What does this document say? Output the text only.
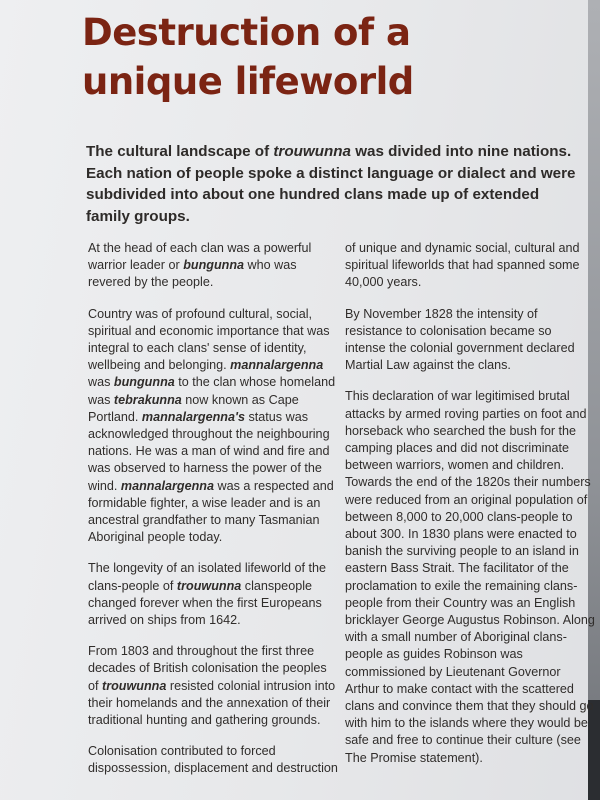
Destruction of a
unique lifeworld

The cultural landscape of trouwunna was divided into nine nations. Each nation of people spoke a distinct language or dialect and were subdivided into about one hundred clans made up of extended family groups.

At the head of each clan was a powerful warrior leader or bungunna who was revered by the people.

Country was of profound cultural, social, spiritual and economic importance that was integral to each clans' sense of identity, wellbeing and belonging. mannalargenna was bungunna to the clan whose homeland was tebrakunna now known as Cape Portland. mannalargenna's status was acknowledged throughout the neighbouring nations. He was a man of wind and fire and was observed to harness the power of the wind. mannalargenna was a respected and formidable fighter, a wise leader and is an ancestral grandfather to many Tasmanian Aboriginal people today.

The longevity of an isolated lifeworld of the clans-people of trouwunna clanspeople changed forever when the first Europeans arrived on ships from 1642.

From 1803 and throughout the first three decades of British colonisation the peoples of trouwunna resisted colonial intrusion into their homelands and the annexation of their traditional hunting and gathering grounds.

Colonisation contributed to forced dispossession, displacement and destruction

of unique and dynamic social, cultural and spiritual lifeworlds that had spanned some 40,000 years.

By November 1828 the intensity of resistance to colonisation became so intense the colonial government declared Martial Law against the clans.

This declaration of war legitimised brutal attacks by armed roving parties on foot and horseback who searched the bush for the camping places and did not discriminate between warriors, women and children. Towards the end of the 1820s their numbers were reduced from an original population of between 8,000 to 20,000 clans-people to about 300. In 1830 plans were enacted to banish the surviving people to an island in eastern Bass Strait. The facilitator of the proclamation to exile the remaining clans-people from their Country was an English bricklayer George Augustus Robinson. Along with a small number of Aboriginal clans-people as guides Robinson was commissioned by Lieutenant Governor Arthur to make contact with the scattered clans and convince them that they should go with him to the islands where they would be safe and free to continue their culture (see The Promise statement).
